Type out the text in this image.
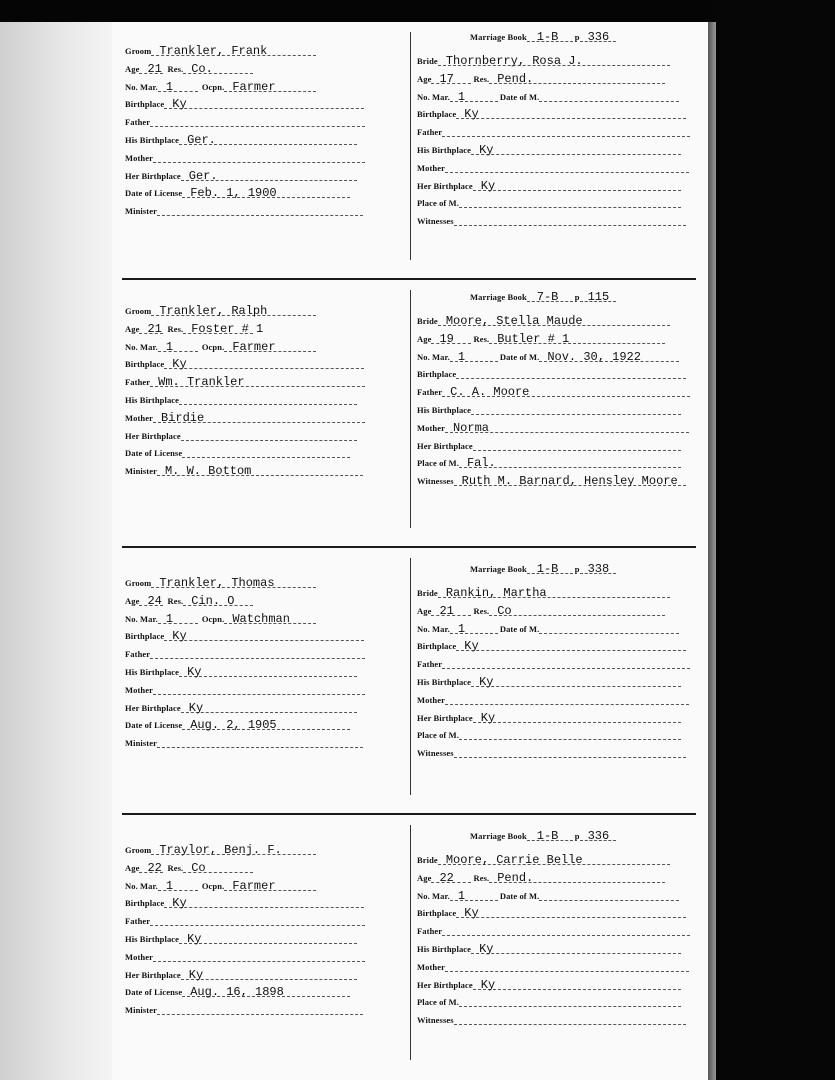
Groom Trankler, Frank
Age 21 Res. Co.
No. Mar. 1	Ocpn. Farmer
Birthplace Ky
Father
His Birthplace Ger.
Mother
Her Birthplace Ger.
Date of License Feb. 1, 1900
Minister
Marriage Book 1-B p 336
Bride Thornberry, Rosa J.
Age 17 Res. Pend.
No. Mar. 1	Date of M.
Birthplace Ky
Father
His Birthplace Ky
Mother
Her Birthplace Ky
Place of M.
Witnesses
Groom Trankler, Ralph
Age 21 Res. Foster # 1
No. Mar. 1	Ocpn. Farmer
Birthplace Ky
Father Wm. Trankler
His Birthplace
Mother Birdie
Her Birthplace
Date of License
Minister M. W. Bottom
Marriage Book 7-B p 115
Bride Moore, Stella Maude
Age 19 Res. Butler # 1
No. Mar. 1	Date of M. Nov. 30, 1922
Birthplace
Father C. A. Moore
His Birthplace
Mother Norma
Her Birthplace
Place of M. Fal.
Witnesses Ruth M. Barnard, Hensley Moore
Groom Trankler, Thomas
Age 24 Res. Cin. O
No. Mar. 1	Ocpn. Watchman
Birthplace Ky
Father
His Birthplace Ky
Mother
Her Birthplace Ky
Date of License Aug. 2, 1905
Minister
Marriage Book 1-B p 338
Bride Rankin, Martha
Age 21 Res. Co
No. Mar. 1	Date of M.
Birthplace Ky
Father
His Birthplace Ky
Mother
Her Birthplace Ky
Place of M.
Witnesses
Groom Traylor, Benj. F.
Age 22 Res. Co
No. Mar. 1	Ocpn. Farmer
Birthplace Ky
Father
His Birthplace Ky
Mother
Her Birthplace Ky
Date of License Aug. 16, 1898
Minister
Marriage Book 1-B p 336
Bride Moore, Carrie Belle
Age 22 Res. Pend.
No. Mar. 1	Date of M.
Birthplace Ky
Father
His Birthplace Ky
Mother
Her Birthplace Ky
Place of M.
Witnesses
